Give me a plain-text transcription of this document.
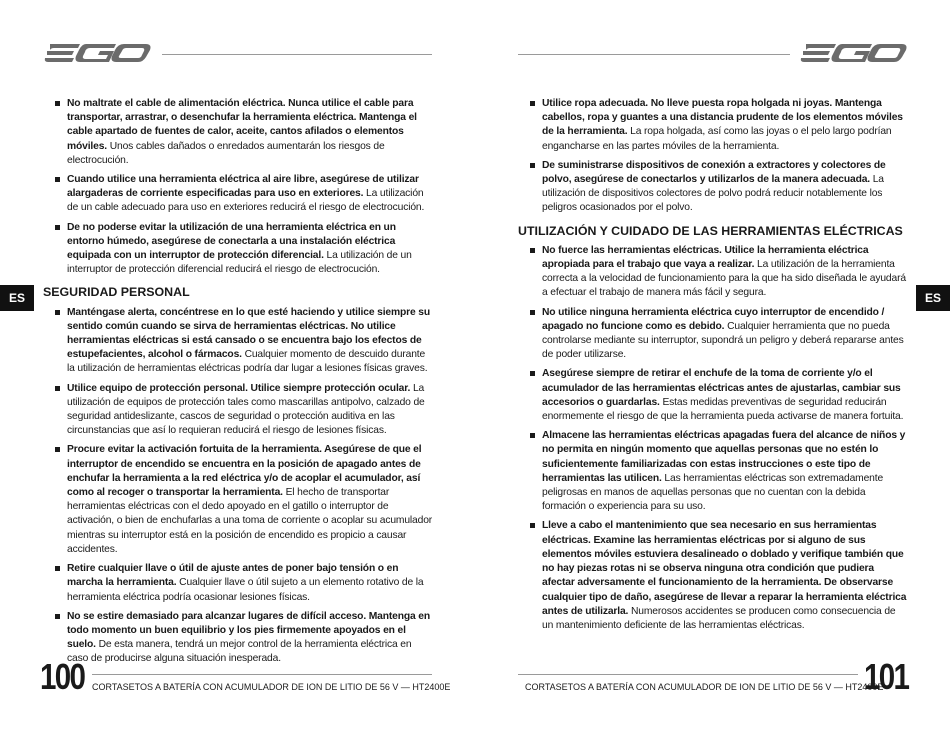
ES	ES
No maltrate el cable de alimentación eléctrica. Nunca utilice el cable para transportar, arrastrar, o desenchufar la herramienta eléctrica. Mantenga el cable apartado de fuentes de calor, aceite, cantos afilados o elementos móviles. Unos cables dañados o enredados aumentarán los riesgos de electrocución.
Cuando utilice una herramienta eléctrica al aire libre, asegúrese de utilizar alargaderas de corriente especificadas para uso en exteriores. La utilización de un cable adecuado para uso en exteriores reducirá el riesgo de electrocución.
De no poderse evitar la utilización de una herramienta eléctrica en un entorno húmedo, asegúrese de conectarla a una instalación eléctrica equipada con un interruptor de protección diferencial. La utilización de un interruptor de protección diferencial reducirá el riesgo de electrocución.
SEGURIDAD PERSONAL
Manténgase alerta, concéntrese en lo que esté haciendo y utilice siempre su sentido común cuando se sirva de herramientas eléctricas. No utilice herramientas eléctricas si está cansado o se encuentra bajo los efectos de estupefacientes, alcohol o fármacos. Cualquier momento de descuido durante la utilización de herramientas eléctricas podría dar lugar a lesiones físicas graves.
Utilice equipo de protección personal. Utilice siempre protección ocular. La utilización de equipos de protección tales como mascarillas antipolvo, calzado de seguridad antideslizante, cascos de seguridad o protección auditiva en las circunstancias que así lo requieran reducirá el riesgo de lesiones físicas.
Procure evitar la activación fortuita de la herramienta. Asegúrese de que el interruptor de encendido se encuentra en la posición de apagado antes de enchufar la herramienta a la red eléctrica y/o de acoplar el acumulador, así como al recoger o transportar la herramienta. El hecho de transportar herramientas eléctricas con el dedo apoyado en el gatillo o interruptor de activación, o bien de enchufarlas a una toma de corriente o acoplar su acumulador mientras su interruptor está en la posición de encendido es propicio a causar accidentes.
Retire cualquier llave o útil de ajuste antes de poner bajo tensión o en marcha la herramienta. Cualquier llave o útil sujeto a un elemento rotativo de la herramienta eléctrica podría ocasionar lesiones físicas.
No se estire demasiado para alcanzar lugares de difícil acceso. Mantenga en todo momento un buen equilibrio y los pies firmemente apoyados en el suelo. De esta manera, tendrá un mejor control de la herramienta eléctrica en caso de producirse alguna situación inesperada.
Utilice ropa adecuada. No lleve puesta ropa holgada ni joyas. Mantenga cabellos, ropa y guantes a una distancia prudente de los elementos móviles de la herramienta. La ropa holgada, así como las joyas o el pelo largo podrían engancharse en las partes móviles de la herramienta.
De suministrarse dispositivos de conexión a extractores y colectores de polvo, asegúrese de conectarlos y utilizarlos de la manera adecuada. La utilización de dispositivos colectores de polvo podrá reducir notablemente los peligros ocasionados por el polvo.
UTILIZACIÓN Y CUIDADO DE LAS HERRAMIENTAS ELÉCTRICAS
No fuerce las herramientas eléctricas. Utilice la herramienta eléctrica apropiada para el trabajo que vaya a realizar. La utilización de la herramienta correcta a la velocidad de funcionamiento para la que ha sido diseñada le ayudará a efectuar el trabajo de manera más fácil y segura.
No utilice ninguna herramienta eléctrica cuyo interruptor de encendido / apagado no funcione como es debido. Cualquier herramienta que no pueda controlarse mediante su interruptor, supondrá un peligro y deberá repararse antes de poder utilizarse.
Asegúrese siempre de retirar el enchufe de la toma de corriente y/o el acumulador de las herramientas eléctricas antes de ajustarlas, cambiar sus accesorios o guardarlas. Estas medidas preventivas de seguridad reducirán enormemente el riesgo de que la herramienta pueda activarse de manera fortuita.
Almacene las herramientas eléctricas apagadas fuera del alcance de niños y no permita en ningún momento que aquellas personas que no estén lo suficientemente familiarizadas con estas instrucciones o este tipo de herramientas las utilicen. Las herramientas eléctricas son extremadamente peligrosas en manos de aquellas personas que no cuentan con la debida formación o experiencia para su uso.
Lleve a cabo el mantenimiento que sea necesario en sus herramientas eléctricas. Examine las herramientas eléctricas por si alguno de sus elementos móviles estuviera desalineado o doblado y verifique también que no hay piezas rotas ni se observa ninguna otra condición que pudiera afectar adversamente el funcionamiento de la herramienta. De observarse cualquier tipo de daño, asegúrese de llevar a reparar la herramienta eléctrica antes de utilizarla. Numerosos accidentes se producen como consecuencia de un mantenimiento deficiente de las herramientas eléctricas.
100 CORTASETOS A BATERÍA CON ACUMULADOR DE ION DE LITIO DE 56 V — HT2400E	CORTASETOS A BATERÍA CON ACUMULADOR DE ION DE LITIO DE 56 V — HT2400E
101
